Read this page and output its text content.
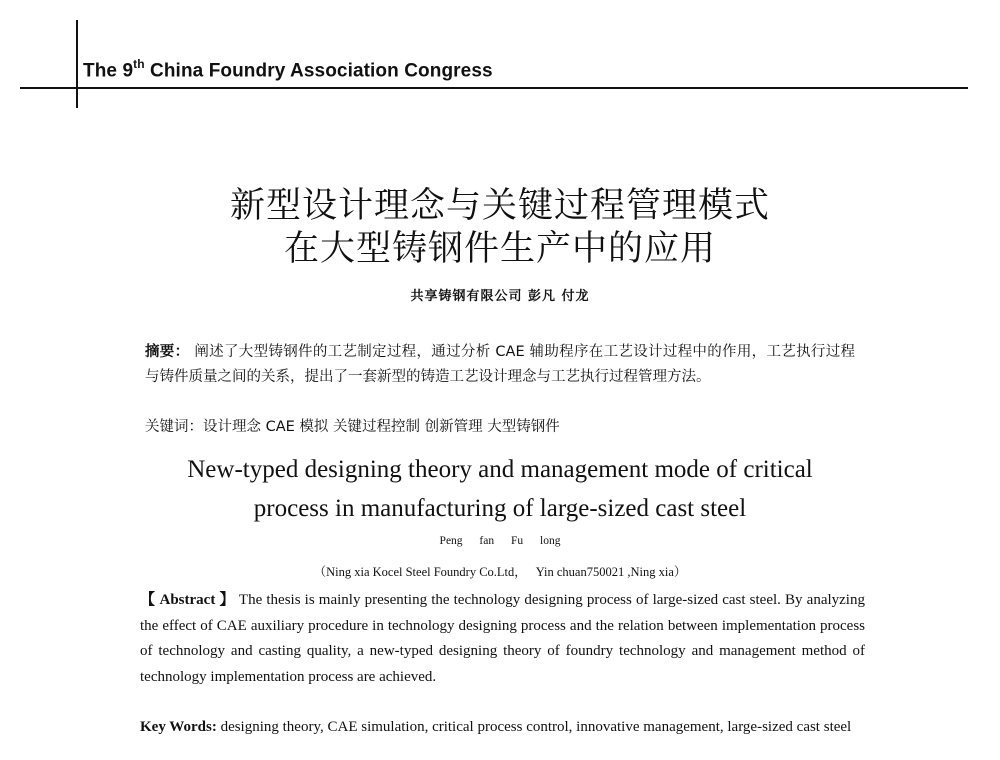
The 9th China Foundry Association Congress
新型设计理念与关键过程管理模式
在大型铸钢件生产中的应用
共享铸钢有限公司 彭凡 付龙
摘要： 阐述了大型铸钢件的工艺制定过程，通过分析 CAE 辅助程序在工艺设计过程中的作用，工艺执行过程与铸件质量之间的关系，提出了一套新型的铸造工艺设计理念与工艺执行过程管理方法。
关键词：设计理念 CAE 模拟 关键过程控制 创新管理 大型铸钢件
New-typed designing theory and management mode of critical
process in manufacturing of large-sized cast steel
Peng fan Fu long
（Ning xia Kocel Steel Foundry Co.Ltd，   Yin chuan750021 ,Ning xia）
【 Abstract 】 The thesis is mainly presenting the technology designing process of large-sized cast steel. By analyzing the effect of CAE auxiliary procedure in technology designing process and the relation between implementation process of technology and casting quality, a new-typed designing theory of foundry technology and management method of technology implementation process are achieved.
Key Words: designing theory, CAE simulation, critical process control, innovative management, large-sized cast steel
